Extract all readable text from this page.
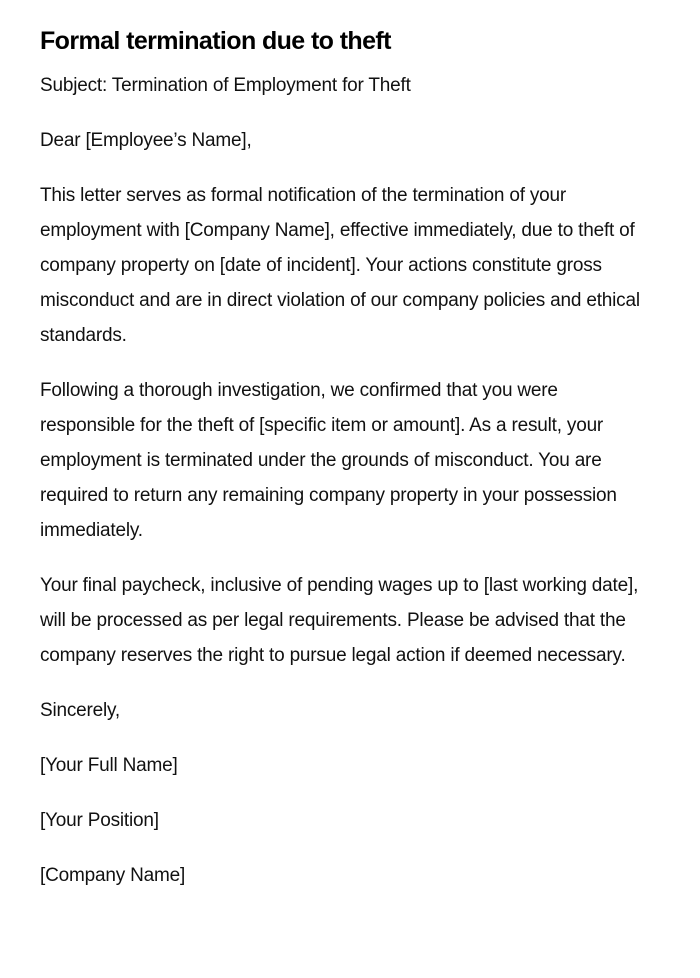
Formal termination due to theft

Subject: Termination of Employment for Theft

Dear [Employee’s Name],

This letter serves as formal notification of the termination of your employment with [Company Name], effective immediately, due to theft of company property on [date of incident]. Your actions constitute gross misconduct and are in direct violation of our company policies and ethical standards.

Following a thorough investigation, we confirmed that you were responsible for the theft of [specific item or amount]. As a result, your employment is terminated under the grounds of misconduct. You are required to return any remaining company property in your possession immediately.

Your final paycheck, inclusive of pending wages up to [last working date], will be processed as per legal requirements. Please be advised that the company reserves the right to pursue legal action if deemed necessary.

Sincerely,

[Your Full Name]

[Your Position]

[Company Name]
